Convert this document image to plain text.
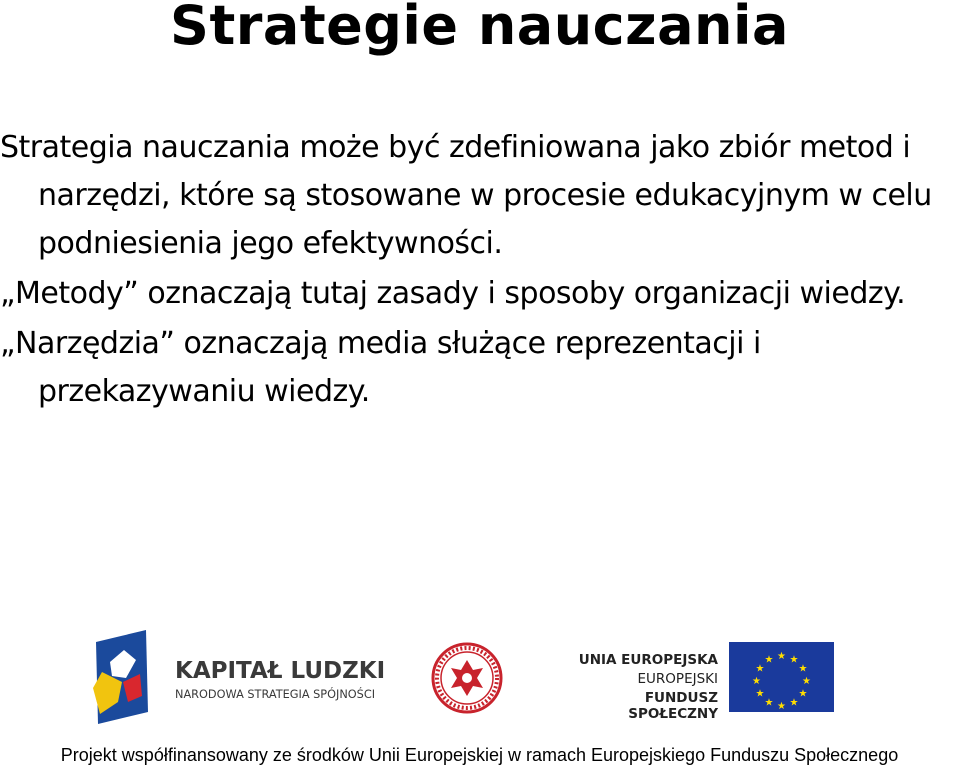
Strategie nauczania

Strategia nauczania może być zdefiniowana jako zbiór metod i narzędzi, które są stosowane w procesie edukacyjnym w celu podniesienia jego efektywności.

„Metody” oznaczają tutaj zasady i sposoby organizacji wiedzy.

„Narzędzia” oznaczają media służące reprezentacji i przekazywaniu wiedzy.

KAPITAŁ LUDZKI
NARODOWA STRATEGIA SPÓJNOŚCI
UNIA EUROPEJSKA
EUROPEJSKI
FUNDUSZ SPOŁECZNY
★ ★
★
★
★
★
★
★
★
★
★
★
Projekt współfinansowany ze środków Unii Europejskiej w ramach Europejskiego Funduszu Społecznego
